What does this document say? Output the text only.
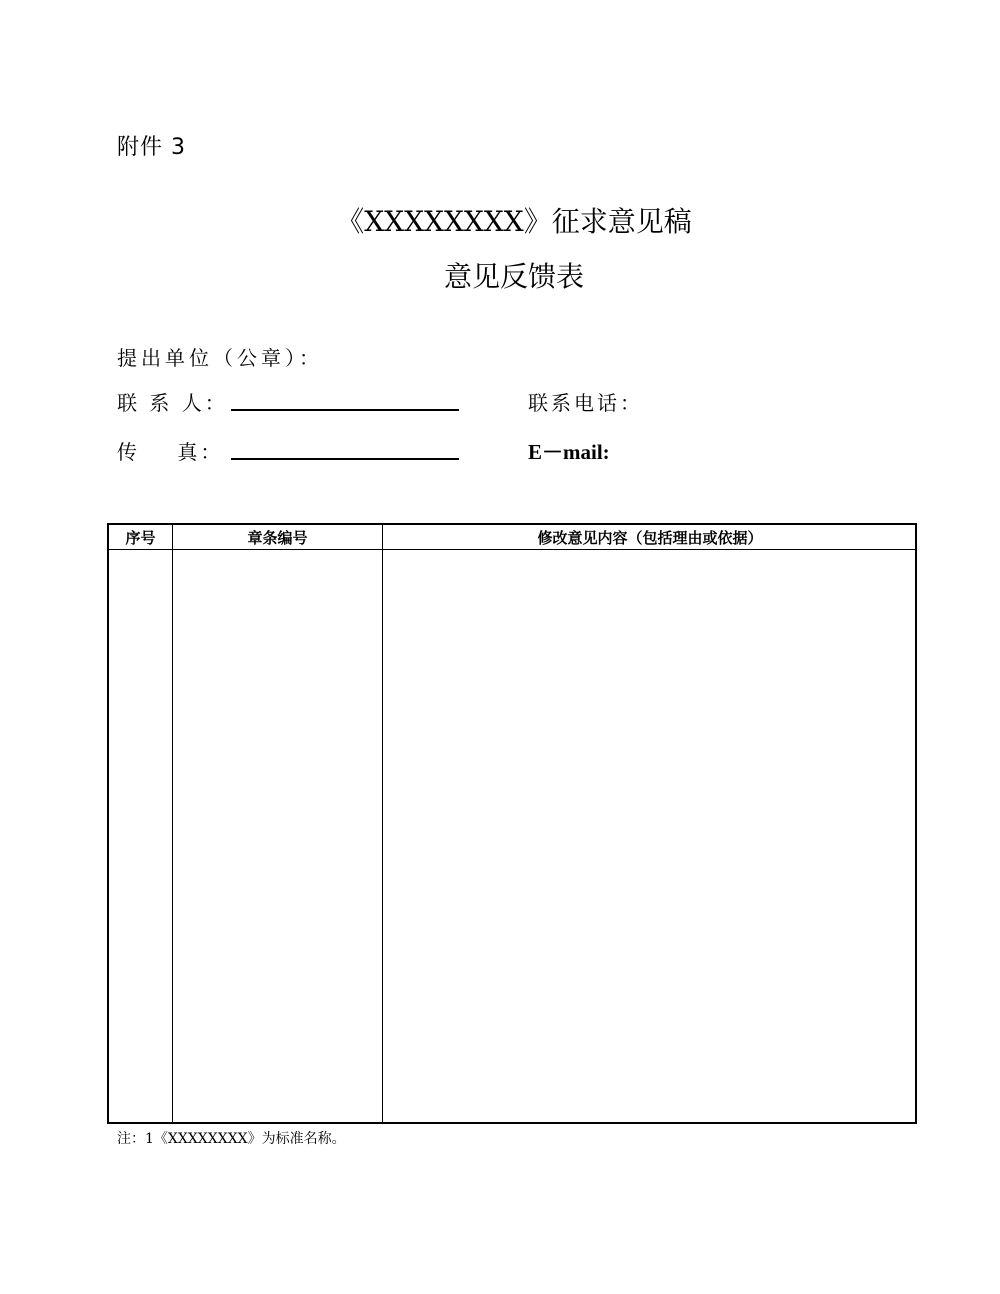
附件 3
《XXXXXXXX》征求意见稿
意见反馈表
提出单位（公章）：
联 系 人：	联系电话：
传    真：	E－mail:
序号	章条编号	修改意见内容（包括理由或依据）
注：1《XXXXXXXX》为标准名称。
